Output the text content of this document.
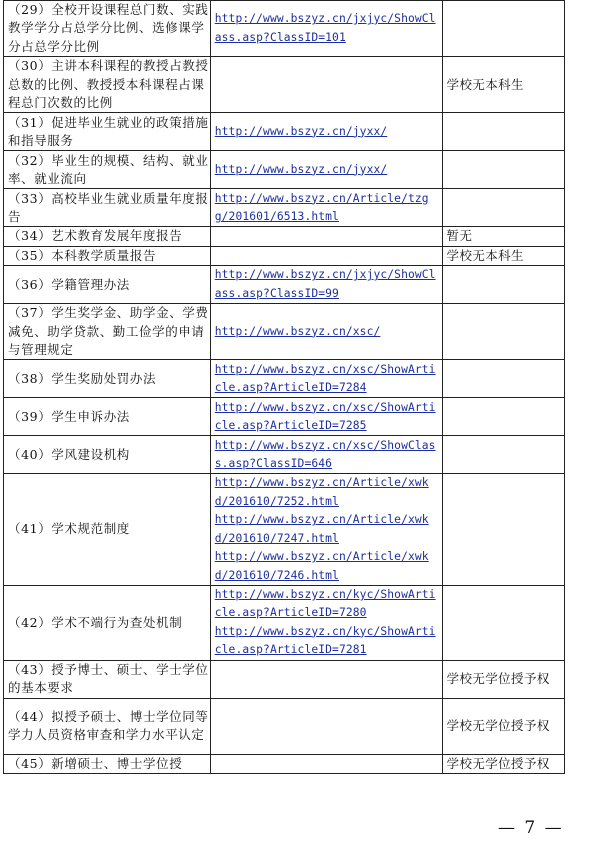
（29）全校开设课程总门数、实践教学学分占总学分比例、选修课学分占总学分比例	http://www.bszyz.cn/jxjyc/ShowClass.asp?ClassID=101	

（30）主讲本科课程的教授占教授总数的比例、教授授本科课程占课程总门次数的比例		学校无本科生

（31）促进毕业生就业的政策措施和指导服务	http://www.bszyz.cn/jyxx/	

（32）毕业生的规模、结构、就业率、就业流向	http://www.bszyz.cn/jyxx/	

（33）高校毕业生就业质量年度报告	http://www.bszyz.cn/Article/tzgg/201601/6513.html	

（34）艺术教育发展年度报告		暂无

（35）本科教学质量报告		学校无本科生

（36）学籍管理办法	http://www.bszyz.cn/jxjyc/ShowClass.asp?ClassID=99	

（37）学生奖学金、助学金、学费减免、助学贷款、勤工俭学的申请与管理规定	http://www.bszyz.cn/xsc/	

（38）学生奖励处罚办法	http://www.bszyz.cn/xsc/ShowArticle.asp?ArticleID=7284	

（39）学生申诉办法	http://www.bszyz.cn/xsc/ShowArticle.asp?ArticleID=7285	

（40）学风建设机构	http://www.bszyz.cn/xsc/ShowClass.asp?ClassID=646	

（41）学术规范制度	http://www.bszyz.cn/Article/xwkd/201610/7252.html
http://www.bszyz.cn/Article/xwkd/201610/7247.html
http://www.bszyz.cn/Article/xwkd/201610/7246.html	

（42）学术不端行为查处机制	http://www.bszyz.cn/kyc/ShowArticle.asp?ArticleID=7280
http://www.bszyz.cn/kyc/ShowArticle.asp?ArticleID=7281	

（43）授予博士、硕士、学士学位的基本要求		学校无学位授予权

（44）拟授予硕士、博士学位同等学力人员资格审查和学力水平认定		学校无学位授予权

（45）新增硕士、博士学位授		学校无学位授予权
— 7 —
